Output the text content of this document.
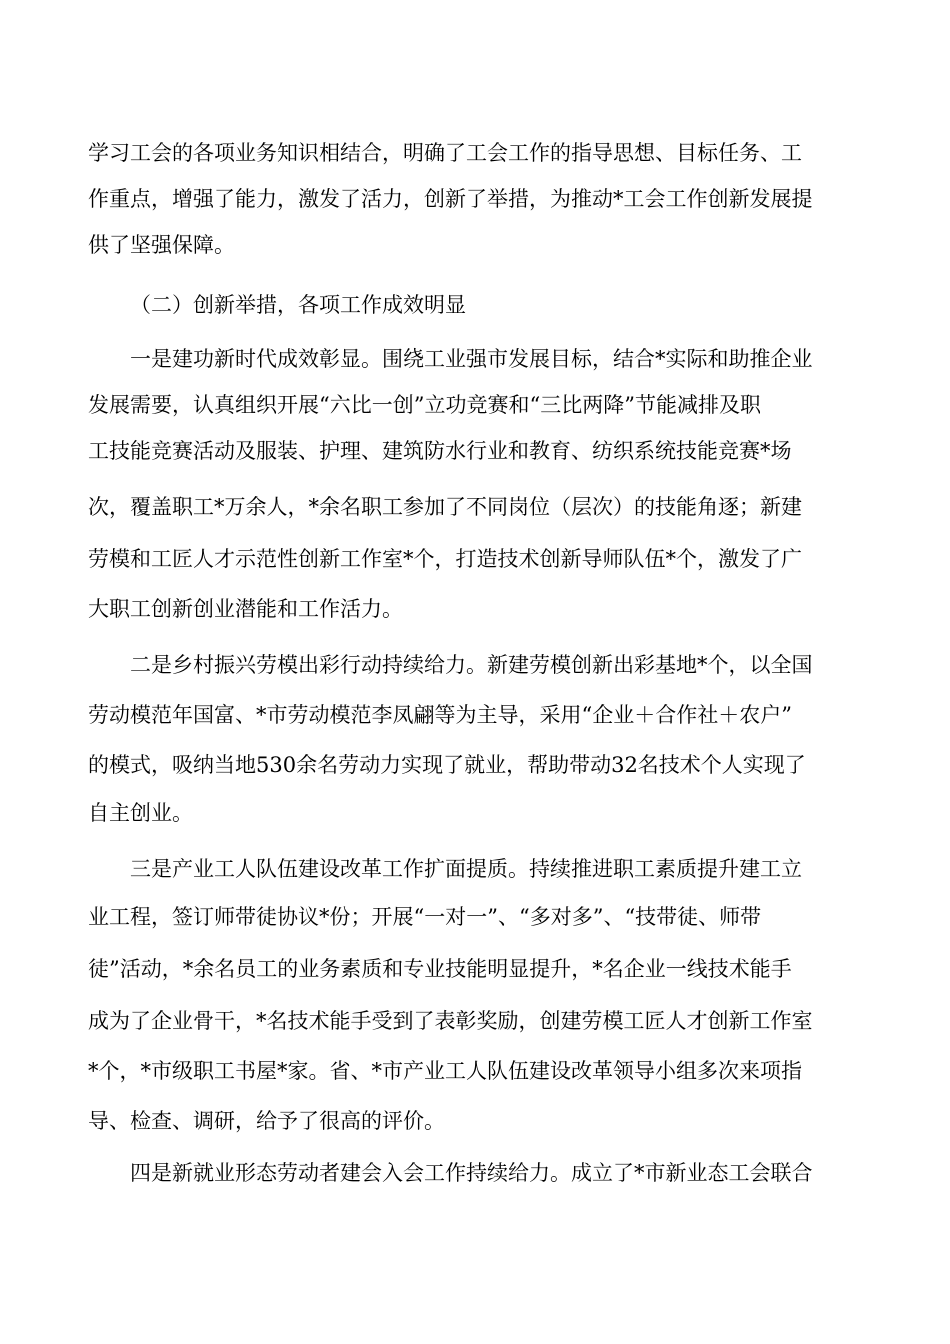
学习工会的各项业务知识相结合，明确了工会工作的指导思想、目标任务、工
作重点，增强了能力，激发了活力，创新了举措，为推动*工会工作创新发展提
供了坚强保障。
（二）创新举措，各项工作成效明显
一是建功新时代成效彰显。围绕工业强市发展目标，结合*实际和助推企业
发展需要，认真组织开展“六比一创”立功竞赛和“三比两降”节能减排及职
工技能竞赛活动及服装、护理、建筑防水行业和教育、纺织系统技能竞赛*场
次，覆盖职工*万余人，*余名职工参加了不同岗位（层次）的技能角逐；新建
劳模和工匠人才示范性创新工作室*个，打造技术创新导师队伍*个，激发了广
大职工创新创业潜能和工作活力。
二是乡村振兴劳模出彩行动持续给力。新建劳模创新出彩基地*个，以全国
劳动模范年国富、*市劳动模范李凤翩等为主导，采用“企业＋合作社＋农户”
的模式，吸纳当地530余名劳动力实现了就业，帮助带动32名技术个人实现了
自主创业。
三是产业工人队伍建设改革工作扩面提质。持续推进职工素质提升建工立
业工程，签订师带徒协议*份；开展“一对一”、“多对多”、“技带徒、师带
徒”活动，*余名员工的业务素质和专业技能明显提升，*名企业一线技术能手
成为了企业骨干，*名技术能手受到了表彰奖励，创建劳模工匠人才创新工作室
*个，*市级职工书屋*家。省、*市产业工人队伍建设改革领导小组多次来项指
导、检查、调研，给予了很高的评价。
四是新就业形态劳动者建会入会工作持续给力。成立了*市新业态工会联合
